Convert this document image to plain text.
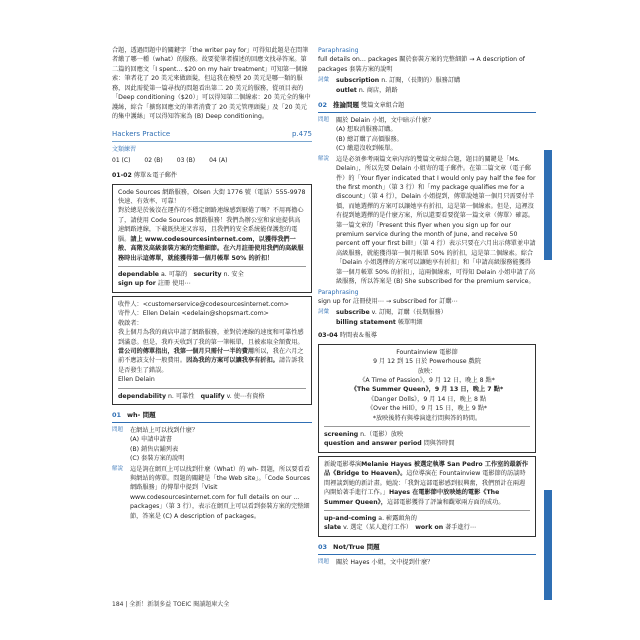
合題，透過問題中的關鍵字「the writer pay for」可得知此題是在問筆者繳了哪一種（what）的服務。故要從筆者描述的回應文找尋答案。第二篇的回應文「I spent... $20 on my hair treatment」可知第一個線索：筆者花了 20 美元來做頭髮，但這我在模型 20 美元是哪一類的服務，因此需從第一篇尋找的問題看出第二 20 美元的服務，從項目表的「Deep conditioning（$20）」可以得知第二個線索：20 美元全的集中護絲，綜合「擴寫回應文的筆者消費了 20 美元管理頭髮」及「20 美元的集中護絲」可以得知答案為 (B) Deep conditioning。

Hackers Practice	p.475
文類練習
01 (C) 02 (B) 03 (B) 04 (A)
01-02 傳單＆電子郵件

Code Sources 網路服務，Olsen 大街 1776 號（電話）555-9978

快速、有效率、可靠！

對於總是於後沒在運作的不穩定網路連線感到厭倦了嗎？不用再擔心了，請使用 Code Sources 網路服務！我們為辦公室和家庭提供高速網路連線，下載既快速又容易，且我們的安全系統能保護您的電腦。請上 www.codesourcesinternet.com，以獲得我們一般、高階及高級套裝方案的完整細節。在六月註冊使用我們的高級服務時出示這傳單，就能獲得第一個月帳單 50% 的折扣！

dependable a. 可靠的　 security n. 安全
sign up for 註冊 使用⋯

收件人：<customerservice@codesourcesinternet.com>

寄件人：Ellen Delain <edelain@shopsmart.com>

敬啟者：

我上個月為我的商店申請了網路服務，並對於連線的速度和可靠性感到滿意。但是，我昨天收到了我的第一筆帳單，且被索取全額費用。當公司的傳單指出，我第一個月只需付一半的費用所以，我在六月之前不應該支付一般費用。因為我的方案可以讓我享有折扣。請告訴我是否發生了錯誤。

Ellen Delain

dependability n. 可靠性　 qualify v. 使⋯有資格

01 wh- 問題
問題	在網站上可以找到什麼？

(A) 申請申請書

(B) 銷售店鋪列表

(C) 套裝方案的說明

解說	這是詢在網頁上可以找到什麼（What）的 wh- 問題，所以要看看與網站的傳單。問題的關鍵是「the Web site」。「Code Sources 網路服務」的傳單中提到「Visit www.codesourcesinternet.com for full details on our ... packages」（第 3 行），表示在網頁上可以看到套裝方案的完整細節，答案是 (C) A description of packages。

Paraphrasing

full details on… packages 關於套裝方案的完整細節 → A description of packages 套裝方案的說明

詞彙	subscription n. 訂閱，（長期的）服務訂購
outlet n. 商店，銷路
02 推論問題
雙篇文章組合題
問題	關於 Delain 小姐，文中暗示什麼？

(A) 想取消服務訂購。

(B) 總訂購了高價服務。

(C) 繳還沒收到帳單。

解說	這是必須參考兩篇文章內容的雙篇文章綜合題，題目的關鍵是「Ms. Delain」，所以先要 Delain 小姐寄的電子郵件。在第二篇文章（電子郵件）的「Your flyer indicated that I would only pay half the fee for the first month」（第 3 行）和「my package qualifies me for a discount」（第 4 行），Delain 小姐提到，傳單說她第一個月只需要付半價，而她選擇的方案可以讓她享有折扣，這是第一個線索。但是，這裡沒有提到她選擇的是什麼方案，所以還要看要從第一篇文章（傳單）確認。第一篇文章的「Present this flyer when you sign up for our premium service during the month of June, and receive 50 percent off your first bill!」（第 4 行）表示只要在六月出示傳單並申請高級服務，就能獲得第一個月帳單 50% 的折扣，這是第二個線索。綜合「Delain 小姐選擇的方案可以讓她享有折扣」和「申請高級服務能獲得第一個月帳單 50% 的折扣」，這兩個線索，可得知 Delain 小姐申請了高級服務，所以答案是 (B) She subscribed for the premium service。

Paraphrasing

sign up for 註冊使用⋯ → subscribed for 訂購⋯

詞彙	subscribe v. 訂閱，訂購（長期服務）
billing statement 帳單明細
03-04 時間表＆報導

Fountainview 電影節

9 月 12 到 15 日於 Powerhouse 戲院

放映：

《A Time of Passion》，9 月 12 日，晚上 8 點*

《The Summer Queen》，9 月 13 日，晚上 7 點*

《Danger Dolls》，9 月 14 日，晚上 8 點

《Over the Hill》，9 月 15 日，晚上 9 點*

*放映後將有與導演進行問與答的時間。

screening n.（電影）放映
question and answer period 問與答時間

新銳電影導演Melanie Hayes 被選定執導 San Pedro 工作室的最新作品《Bridge to Heaven》。這位導演在 Fountainview 電影節的訪談時間裡談到她的新計畫。她說：「我對這部電影感到很興奮，我們預計在兩週內開始著手進行工作。」Hayes 在電影節中放映她的電影《The Summer Queen》，這部電影獲得了評論和觀眾兩方面的成功。

up-and-coming a. 嶄露頭角的
slate v. 選定（某人進行工作）　 work on 著手進行⋯

03 Not/True 問題
問題	關於 Hayes 小姐，文中提到什麼？

184 | 全新！新制多益 TOEIC 閱讀題庫大全
